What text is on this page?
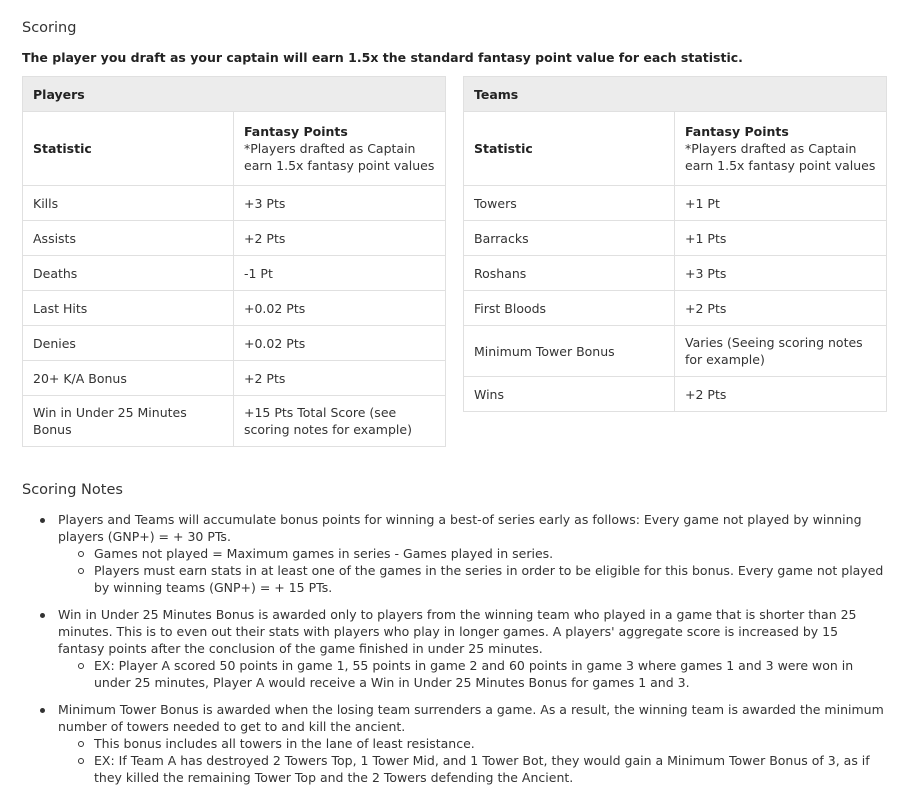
Scoring
The player you draft as your captain will earn 1.5x the standard fantasy point value for each statistic.
Players	
Statistic	Fantasy Points
*Players drafted as Captain earn 1.5x fantasy point values

Kills	+3 Pts
Assists	+2 Pts
Deaths	-1 Pt
Last Hits	+0.02 Pts
Denies	+0.02 Pts
20+ K/A Bonus	+2 Pts
Win in Under 25 Minutes Bonus	+15 Pts Total Score (see scoring notes for example)
Teams	
Statistic	Fantasy Points
*Players drafted as Captain earn 1.5x fantasy point values

Towers	+1 Pt
Barracks	+1 Pts
Roshans	+3 Pts
First Bloods	+2 Pts
Minimum Tower Bonus	Varies (Seeing scoring notes for example)
Wins	+2 Pts
Scoring Notes
Players and Teams will accumulate bonus points for winning a best-of series early as follows: Every game not played by winning players (GNP+) = + 30 PTs.
Games not played = Maximum games in series - Games played in series.
Players must earn stats in at least one of the games in the series in order to be eligible for this bonus. Every game not played by winning teams (GNP+) = + 15 PTs.
Win in Under 25 Minutes Bonus is awarded only to players from the winning team who played in a game that is shorter than 25 minutes. This is to even out their stats with players who play in longer games. A players' aggregate score is increased by 15 fantasy points after the conclusion of the game finished in under 25 minutes.
EX: Player A scored 50 points in game 1, 55 points in game 2 and 60 points in game 3 where games 1 and 3 were won in under 25 minutes, Player A would receive a Win in Under 25 Minutes Bonus for games 1 and 3.
Minimum Tower Bonus is awarded when the losing team surrenders a game. As a result, the winning team is awarded the minimum number of towers needed to get to and kill the ancient.
This bonus includes all towers in the lane of least resistance.
EX: If Team A has destroyed 2 Towers Top, 1 Tower Mid, and 1 Tower Bot, they would gain a Minimum Tower Bonus of 3, as if they killed the remaining Tower Top and the 2 Towers defending the Ancient.
